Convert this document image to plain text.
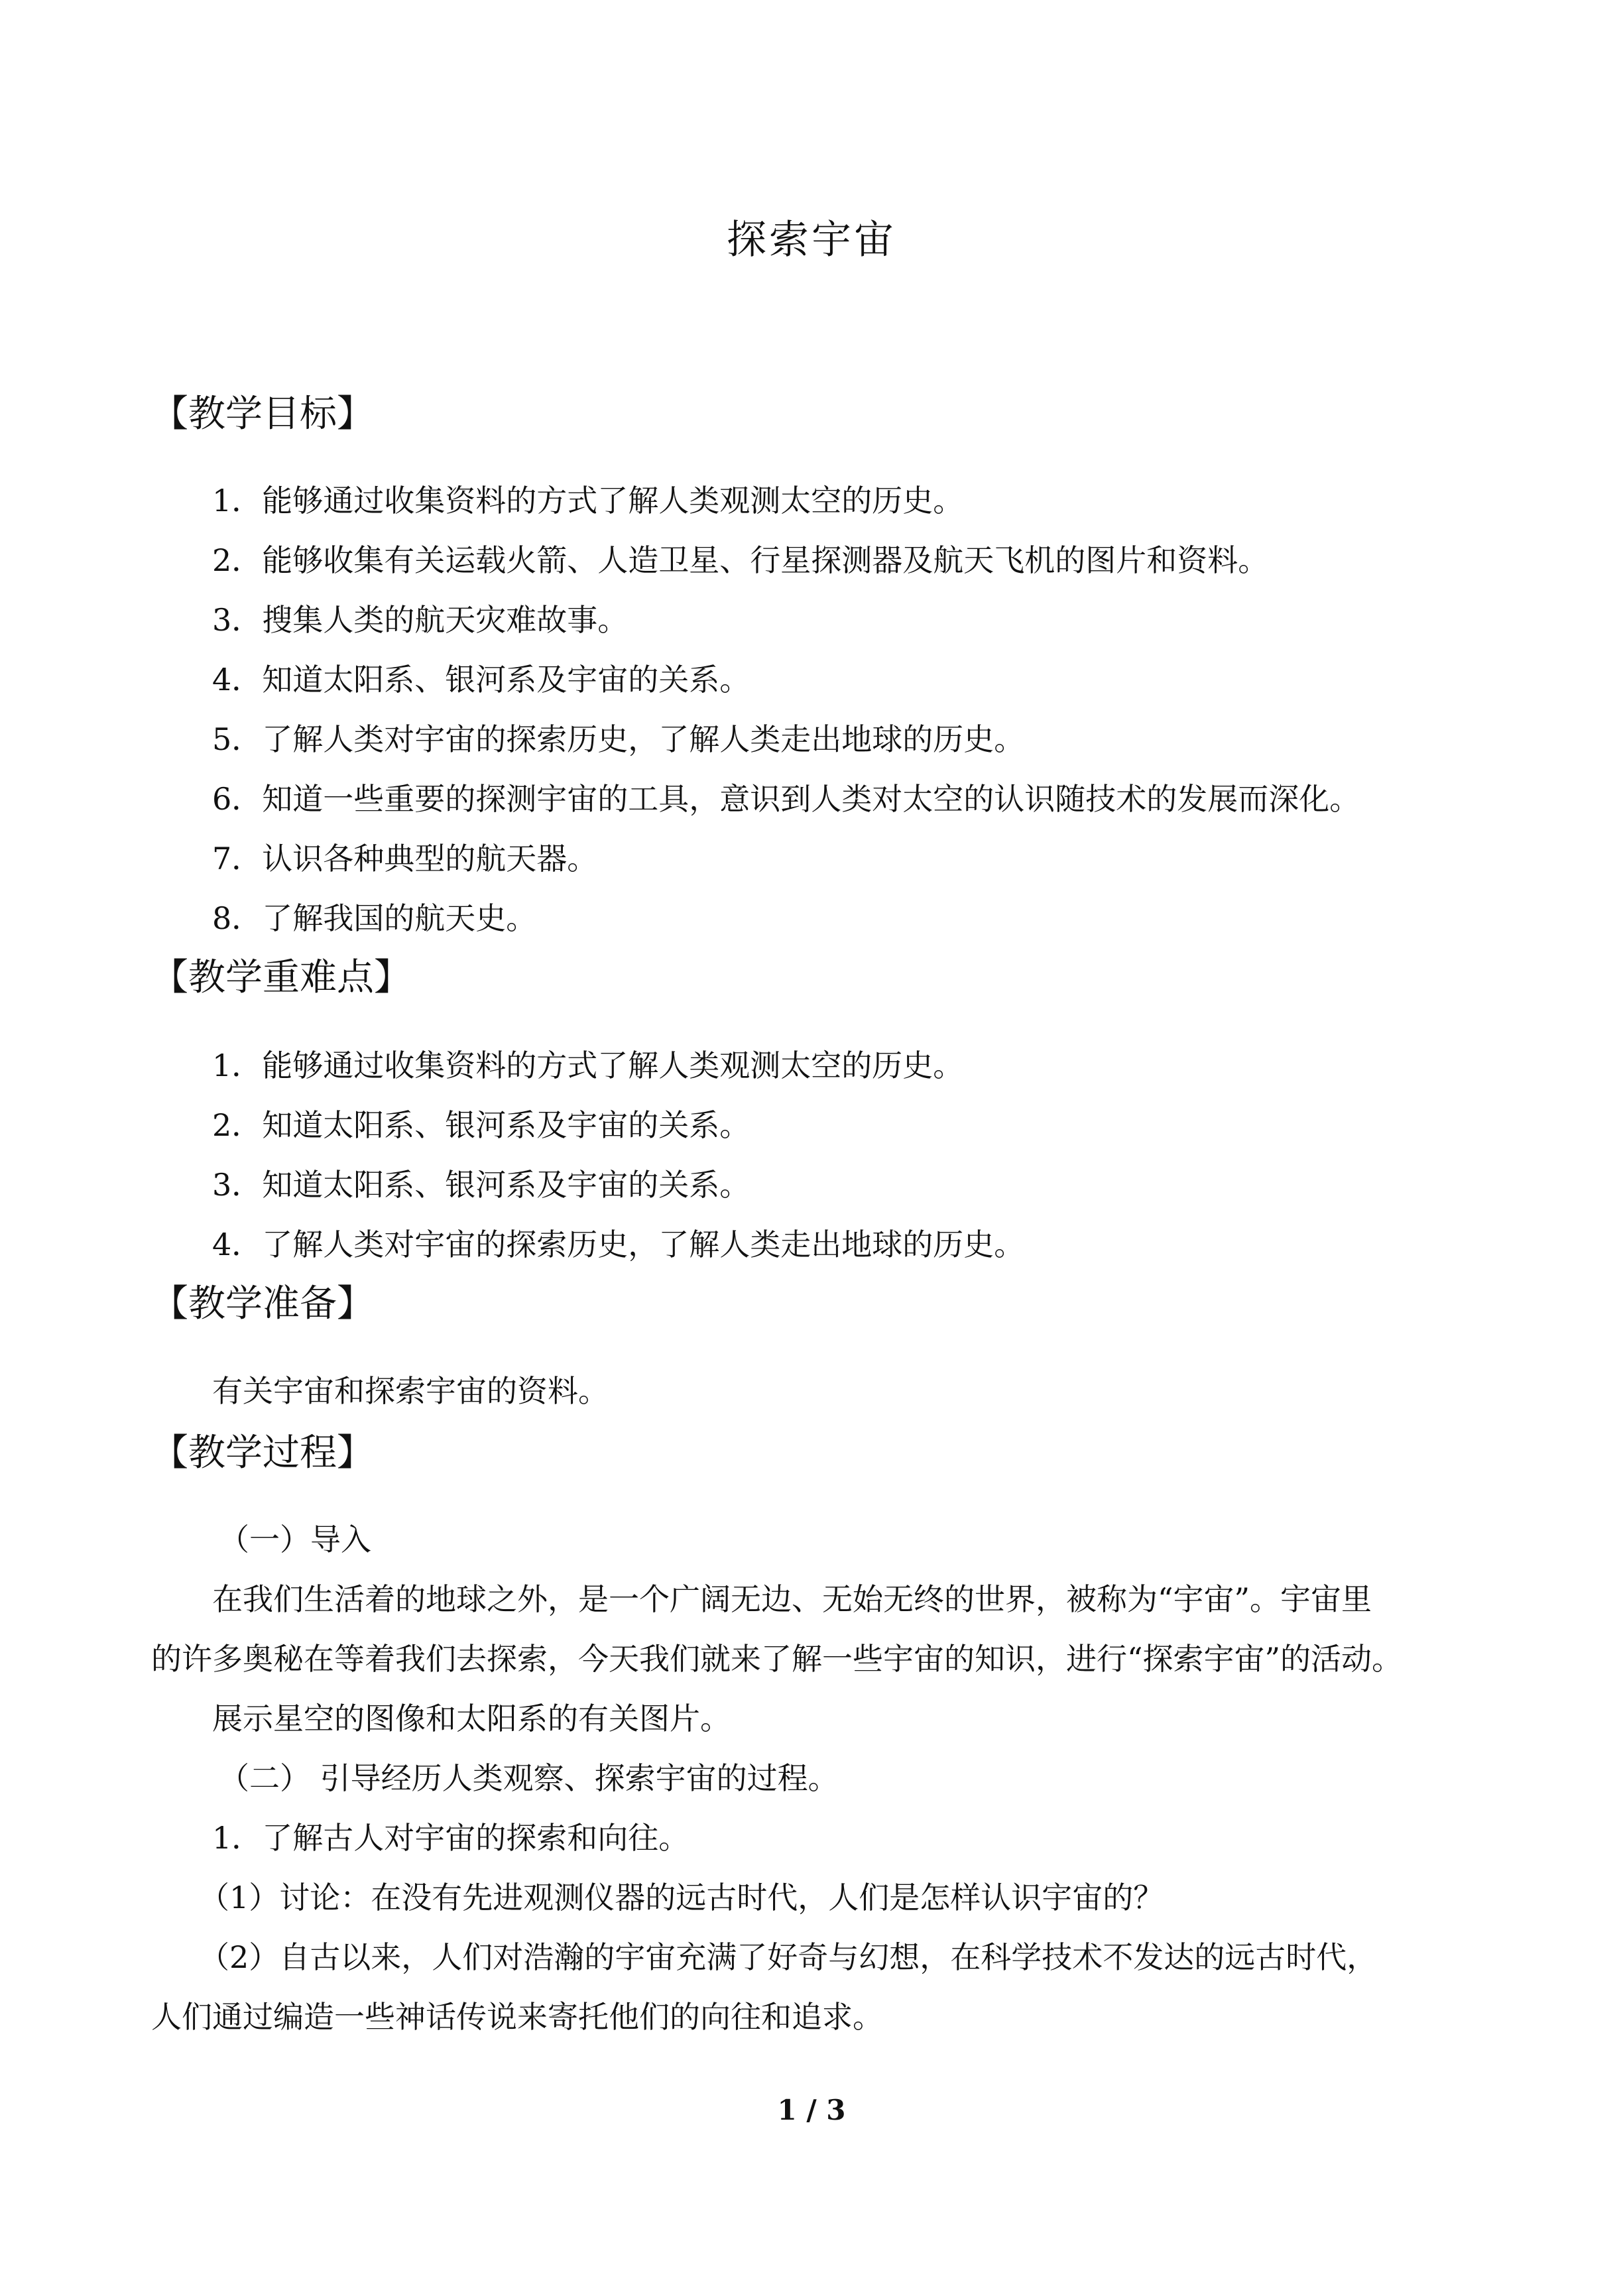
探索宇宙
【教学目标】
1．能够通过收集资料的方式了解人类观测太空的历史。
2．能够收集有关运载火箭、人造卫星、行星探测器及航天飞机的图片和资料。
3．搜集人类的航天灾难故事。
4．知道太阳系、银河系及宇宙的关系。
5．了解人类对宇宙的探索历史，了解人类走出地球的历史。
6．知道一些重要的探测宇宙的工具，意识到人类对太空的认识随技术的发展而深化。
7．认识各种典型的航天器。
8．了解我国的航天史。
【教学重难点】
1．能够通过收集资料的方式了解人类观测太空的历史。
2．知道太阳系、银河系及宇宙的关系。
3．知道太阳系、银河系及宇宙的关系。
4．了解人类对宇宙的探索历史，了解人类走出地球的历史。
【教学准备】
有关宇宙和探索宇宙的资料。
【教学过程】
（一）导入
在我们生活着的地球之外，是一个广阔无边、无始无终的世界，被称为“宇宙”。宇宙里
的许多奥秘在等着我们去探索，今天我们就来了解一些宇宙的知识，进行“探索宇宙”的活动。
展示星空的图像和太阳系的有关图片。
（二） 引导经历人类观察、探索宇宙的过程。
1．了解古人对宇宙的探索和向往。
（1）讨论：在没有先进观测仪器的远古时代，人们是怎样认识宇宙的？
（2）自古以来，人们对浩瀚的宇宙充满了好奇与幻想，在科学技术不发达的远古时代，
人们通过编造一些神话传说来寄托他们的向往和追求。
1 / 3
